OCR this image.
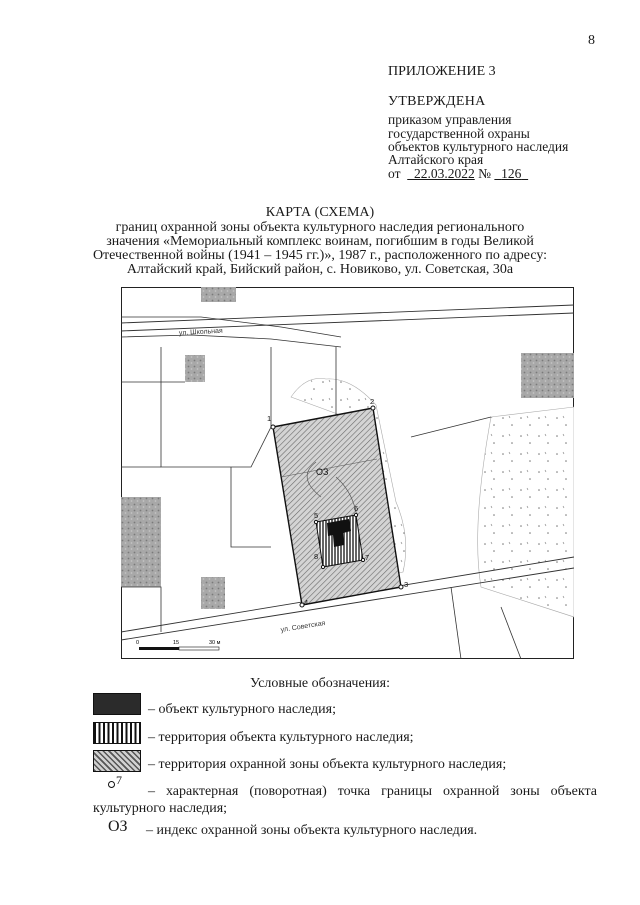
8
ПРИЛОЖЕНИЕ 3
УТВЕРЖДЕНА
приказом управления
государственной охраны
объектов культурного наследия
Алтайского края
от 22.03.2022 № 126
КАРТА (СХЕМА)
границ охранной зоны объекта культурного наследия регионального
значения «Мемориальный комплекс воинам, погибшим в годы Великой
Отечественной войны (1941 – 1945 гг.)», 1987 г., расположенного по адресу:
Алтайский край, Бийский район, с. Новиково, ул. Советская, 30а
ул. Школьная
ул. Советская
ОЗ
1
2
3
4
5
6
7
8
0	15	30 м
Условные обозначения:
– объект культурного наследия;
– территория объекта культурного наследия;
– территория охранной зоны объекта культурного наследия;
7
– характерная (поворотная) точка границы охранной зоны объекта
культурного наследия;
ОЗ – индекс охранной зоны объекта культурного наследия.
